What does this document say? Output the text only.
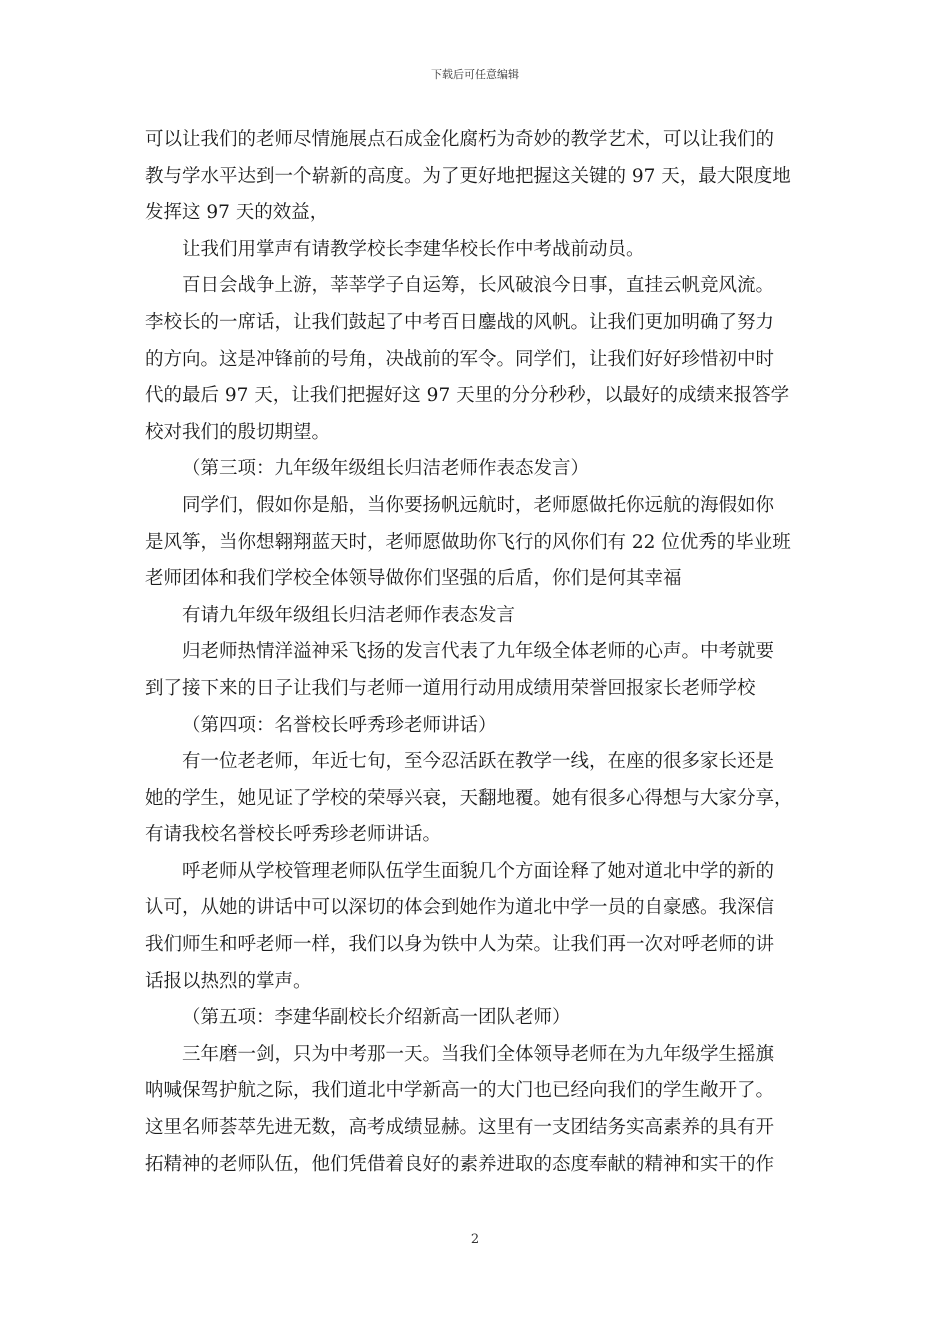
下载后可任意编辑
可以让我们的老师尽情施展点石成金化腐朽为奇妙的教学艺术，可以让我们的
教与学水平达到一个崭新的高度。为了更好地把握这关键的 97 天，最大限度地
发挥这 97 天的效益，
让我们用掌声有请教学校长李建华校长作中考战前动员。
百日会战争上游，莘莘学子自运筹，长风破浪今日事，直挂云帆竞风流。
李校长的一席话，让我们鼓起了中考百日鏖战的风帆。让我们更加明确了努力
的方向。这是冲锋前的号角，决战前的军令。同学们，让我们好好珍惜初中时
代的最后 97 天，让我们把握好这 97 天里的分分秒秒，以最好的成绩来报答学
校对我们的殷切期望。
（第三项：九年级年级组长归洁老师作表态发言）
同学们，假如你是船，当你要扬帆远航时，老师愿做托你远航的海假如你
是风筝，当你想翱翔蓝天时，老师愿做助你飞行的风你们有 22 位优秀的毕业班
老师团体和我们学校全体领导做你们坚强的后盾，你们是何其幸福
有请九年级年级组长归洁老师作表态发言
归老师热情洋溢神采飞扬的发言代表了九年级全体老师的心声。中考就要
到了接下来的日子让我们与老师一道用行动用成绩用荣誉回报家长老师学校
（第四项：名誉校长呼秀珍老师讲话）
有一位老老师，年近七旬，至今忍活跃在教学一线，在座的很多家长还是
她的学生，她见证了学校的荣辱兴衰，天翻地覆。她有很多心得想与大家分享，
有请我校名誉校长呼秀珍老师讲话。
呼老师从学校管理老师队伍学生面貌几个方面诠释了她对道北中学的新的
认可，从她的讲话中可以深切的体会到她作为道北中学一员的自豪感。我深信
我们师生和呼老师一样，我们以身为铁中人为荣。让我们再一次对呼老师的讲
话报以热烈的掌声。
（第五项：李建华副校长介绍新高一团队老师）
三年磨一剑，只为中考那一天。当我们全体领导老师在为九年级学生摇旗
呐喊保驾护航之际，我们道北中学新高一的大门也已经向我们的学生敞开了。
这里名师荟萃先进无数，高考成绩显赫。这里有一支团结务实高素养的具有开
拓精神的老师队伍，他们凭借着良好的素养进取的态度奉献的精神和实干的作
2
